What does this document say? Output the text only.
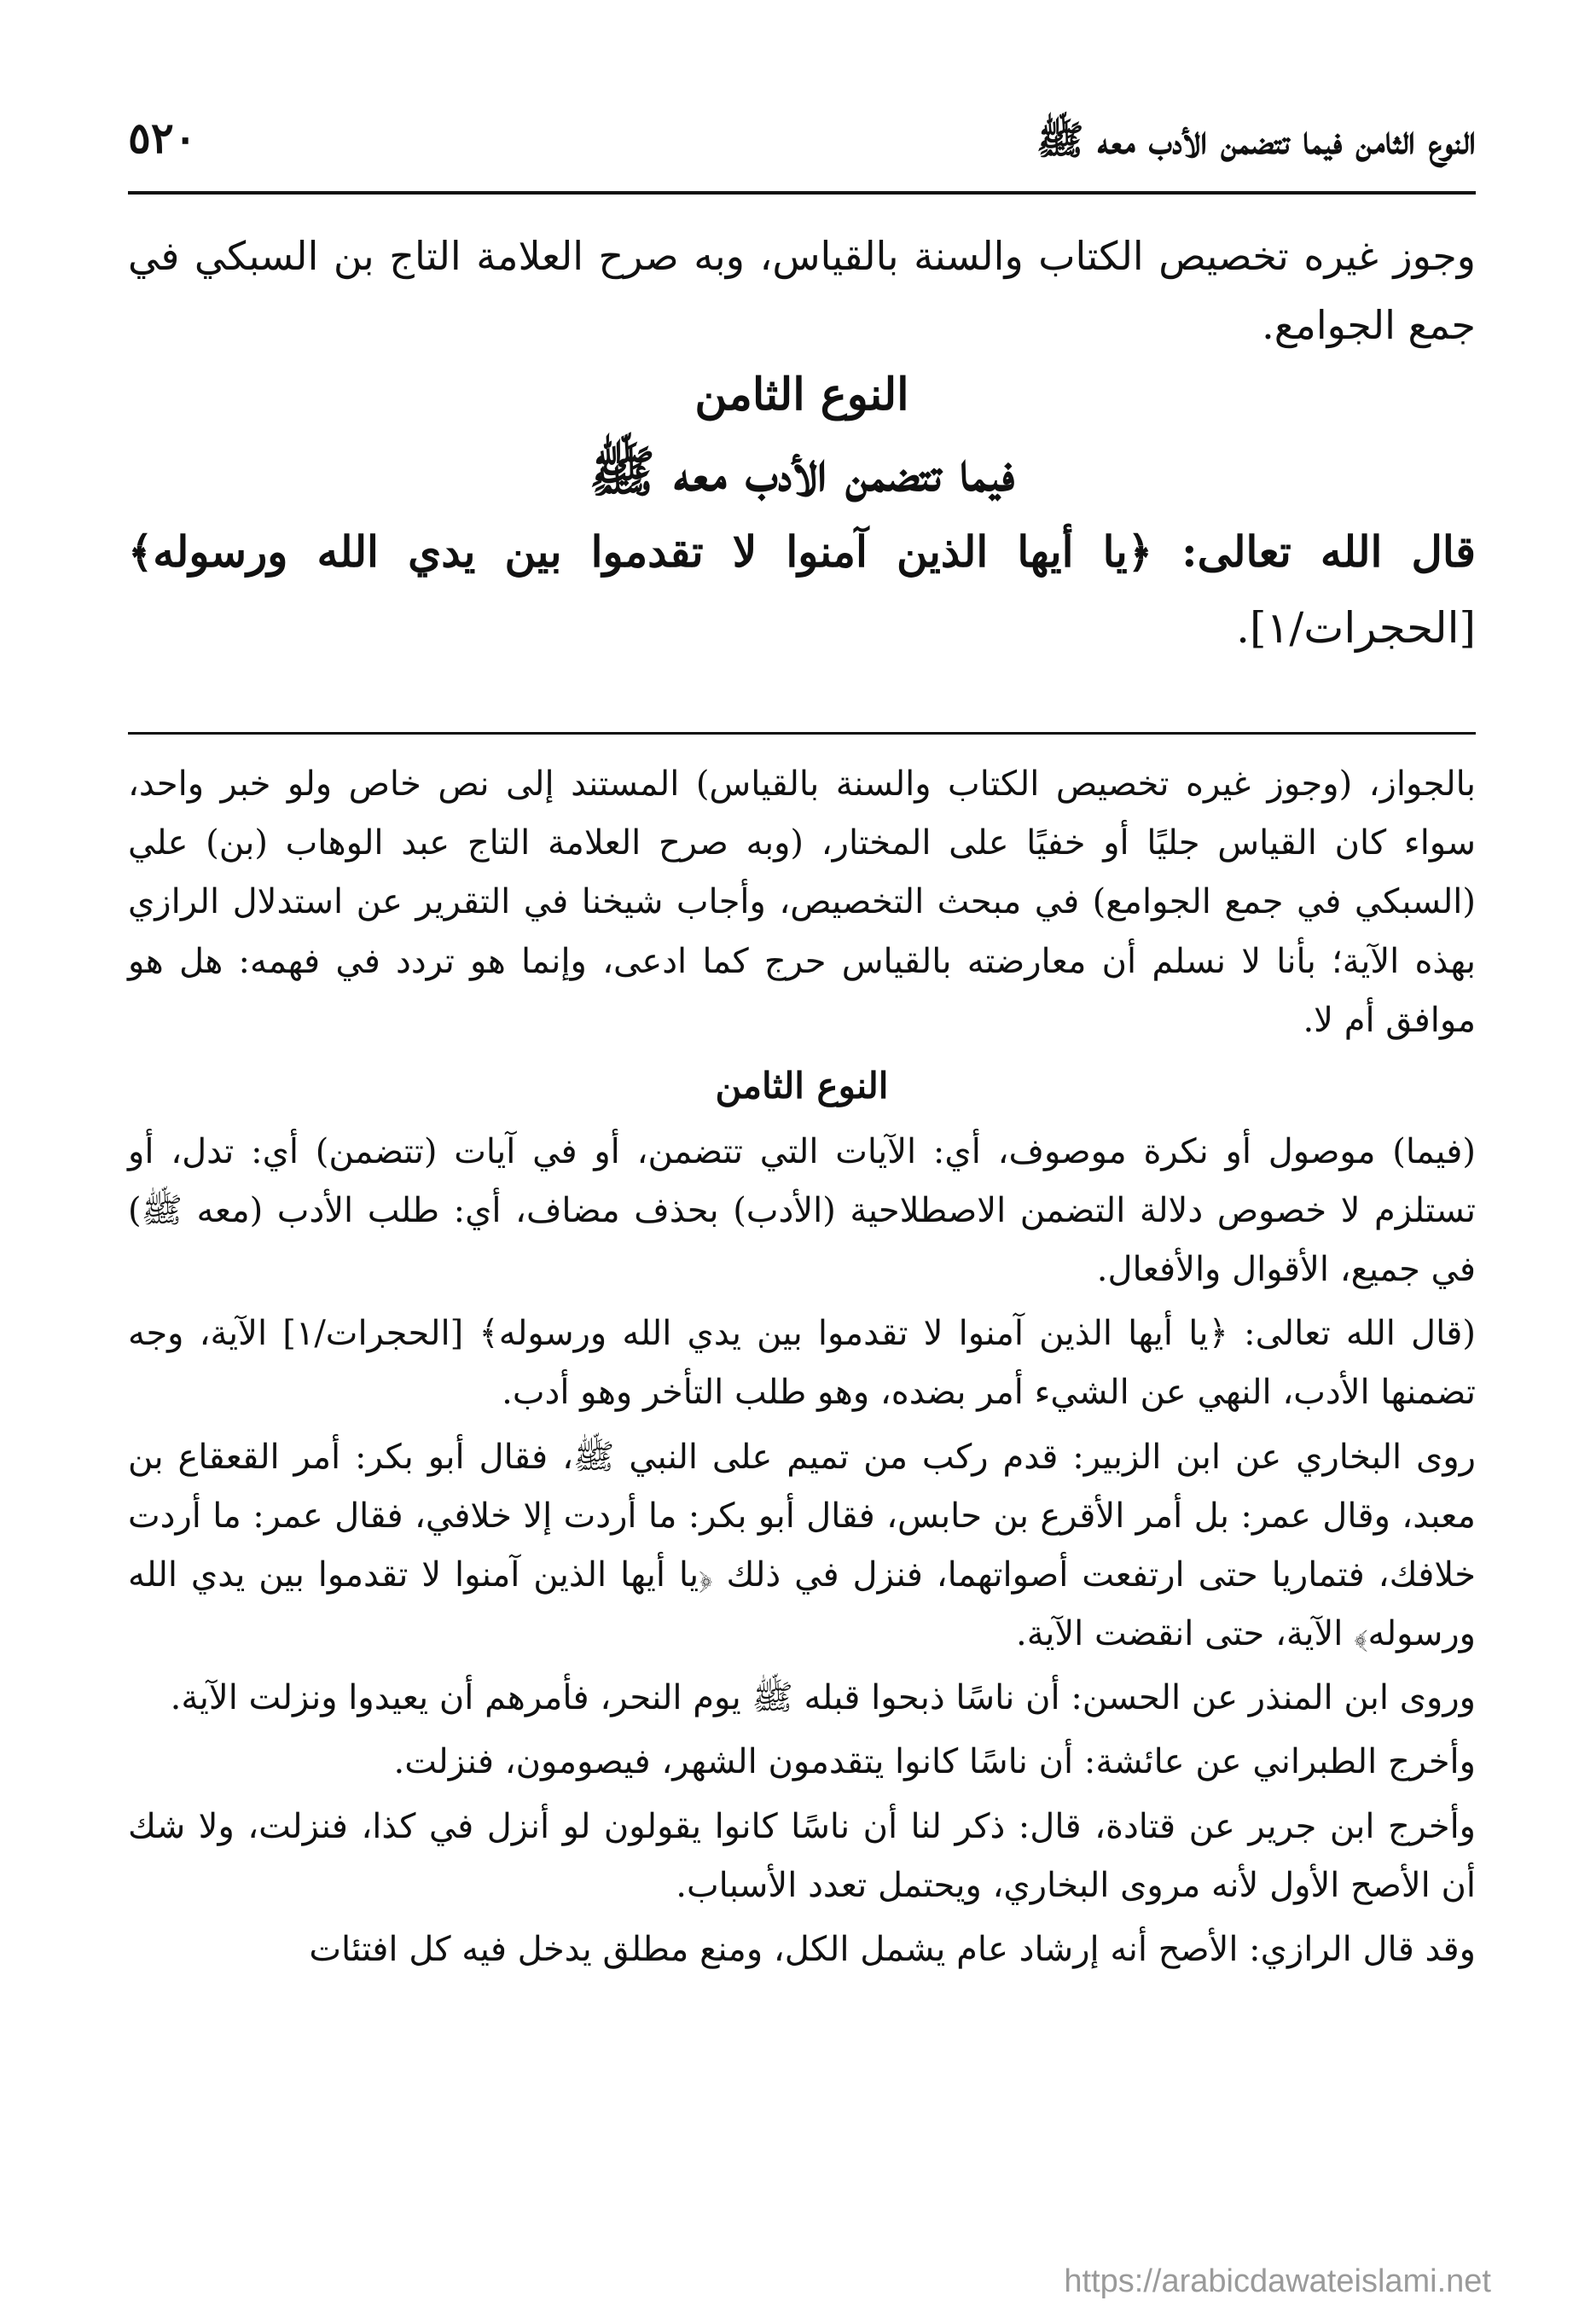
النوع الثامن فيما تتضمن الأدب معه ﷺ
٥٢٠

وجوز غيره تخصيص الكتاب والسنة بالقياس، وبه صرح العلامة التاج بن السبكي في جمع الجوامع.

النوع الثامن

فيما تتضمن الأدب معه ﷺ

قال الله تعالى: ﴿يا أيها الذين آمنوا لا تقدموا بين يدي الله ورسوله﴾ [الحجرات/١].

بالجواز، (وجوز غيره تخصيص الكتاب والسنة بالقياس) المستند إلى نص خاص ولو خبر واحد، سواء كان القياس جليًا أو خفيًا على المختار، (وبه صرح العلامة التاج عبد الوهاب (بن) علي (السبكي في جمع الجوامع) في مبحث التخصيص، وأجاب شيخنا في التقرير عن استدلال الرازي بهذه الآية؛ بأنا لا نسلم أن معارضته بالقياس حرج كما ادعى، وإنما هو تردد في فهمه: هل هو موافق أم لا.

النوع الثامن

(فيما) موصول أو نكرة موصوف، أي: الآيات التي تتضمن، أو في آيات (تتضمن) أي: تدل، أو تستلزم لا خصوص دلالة التضمن الاصطلاحية (الأدب) بحذف مضاف، أي: طلب الأدب (معه ﷺ) في جميع، الأقوال والأفعال.

(قال الله تعالى: ﴿يا أيها الذين آمنوا لا تقدموا بين يدي الله ورسوله﴾ [الحجرات/١] الآية، وجه تضمنها الأدب، النهي عن الشيء أمر بضده، وهو طلب التأخر وهو أدب.

روى البخاري عن ابن الزبير: قدم ركب من تميم على النبي ﷺ، فقال أبو بكر: أمر القعقاع بن معبد، وقال عمر: بل أمر الأقرع بن حابس، فقال أبو بكر: ما أردت إلا خلافي، فقال عمر: ما أردت خلافك، فتماريا حتى ارتفعت أصواتهما، فنزل في ذلك ﴿يا أيها الذين آمنوا لا تقدموا بين يدي الله ورسوله﴾ الآية، حتى انقضت الآية.

وروى ابن المنذر عن الحسن: أن ناسًا ذبحوا قبله ﷺ يوم النحر، فأمرهم أن يعيدوا ونزلت الآية.

وأخرج الطبراني عن عائشة: أن ناسًا كانوا يتقدمون الشهر، فيصومون، فنزلت.

وأخرج ابن جرير عن قتادة، قال: ذكر لنا أن ناسًا كانوا يقولون لو أنزل في كذا، فنزلت، ولا شك أن الأصح الأول لأنه مروى البخاري، ويحتمل تعدد الأسباب.

وقد قال الرازي: الأصح أنه إرشاد عام يشمل الكل، ومنع مطلق يدخل فيه كل افتئات

https://arabicdawateislami.net
